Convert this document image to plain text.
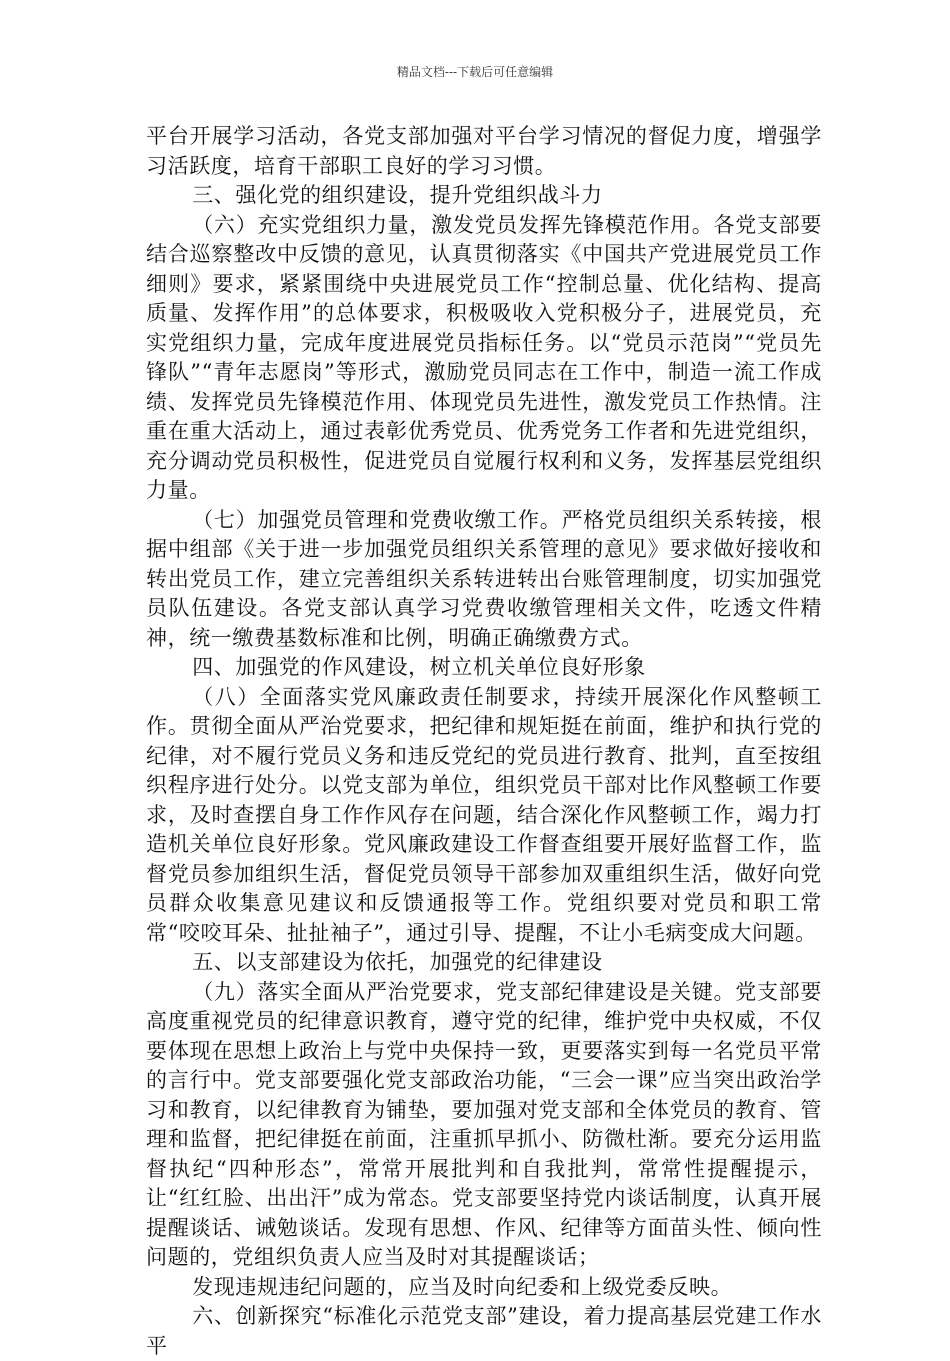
精品文档---下载后可任意编辑

平台开展学习活动，各党支部加强对平台学习情况的督促力度，增强学习活跃度，培育干部职工良好的学习习惯。

三、强化党的组织建设，提升党组织战斗力

（六）充实党组织力量，激发党员发挥先锋模范作用。各党支部要结合巡察整改中反馈的意见，认真贯彻落实《中国共产党进展党员工作细则》要求，紧紧围绕中央进展党员工作“控制总量、优化结构、提高质量、发挥作用”的总体要求，积极吸收入党积极分子，进展党员，充实党组织力量，完成年度进展党员指标任务。以“党员示范岗”“党员先锋队”“青年志愿岗”等形式，激励党员同志在工作中，制造一流工作成绩、发挥党员先锋模范作用、体现党员先进性，激发党员工作热情。注重在重大活动上，通过表彰优秀党员、优秀党务工作者和先进党组织，充分调动党员积极性，促进党员自觉履行权利和义务，发挥基层党组织力量。

（七）加强党员管理和党费收缴工作。严格党员组织关系转接，根据中组部《关于进一步加强党员组织关系管理的意见》要求做好接收和转出党员工作，建立完善组织关系转进转出台账管理制度，切实加强党员队伍建设。各党支部认真学习党费收缴管理相关文件，吃透文件精神，统一缴费基数标准和比例，明确正确缴费方式。

四、加强党的作风建设，树立机关单位良好形象

（八）全面落实党风廉政责任制要求，持续开展深化作风整顿工作。贯彻全面从严治党要求，把纪律和规矩挺在前面，维护和执行党的纪律，对不履行党员义务和违反党纪的党员进行教育、批判，直至按组织程序进行处分。以党支部为单位，组织党员干部对比作风整顿工作要求，及时查摆自身工作作风存在问题，结合深化作风整顿工作，竭力打造机关单位良好形象。党风廉政建设工作督查组要开展好监督工作，监督党员参加组织生活，督促党员领导干部参加双重组织生活，做好向党员群众收集意见建议和反馈通报等工作。党组织要对党员和职工常常“咬咬耳朵、扯扯袖子”，通过引导、提醒，不让小毛病变成大问题。

五、以支部建设为依托，加强党的纪律建设

（九）落实全面从严治党要求，党支部纪律建设是关键。党支部要高度重视党员的纪律意识教育，遵守党的纪律，维护党中央权威，不仅要体现在思想上政治上与党中央保持一致，更要落实到每一名党员平常的言行中。党支部要强化党支部政治功能，“三会一课”应当突出政治学习和教育，以纪律教育为铺垫，要加强对党支部和全体党员的教育、管理和监督，把纪律挺在前面，注重抓早抓小、防微杜渐。要充分运用监督执纪“四种形态”，常常开展批判和自我批判，常常性提醒提示，让“红红脸、出出汗”成为常态。党支部要坚持党内谈话制度，认真开展提醒谈话、诫勉谈话。发现有思想、作风、纪律等方面苗头性、倾向性问题的，党组织负责人应当及时对其提醒谈话；

发现违规违纪问题的，应当及时向纪委和上级党委反映。

六、创新探究“标准化示范党支部”建设，着力提高基层党建工作水平
